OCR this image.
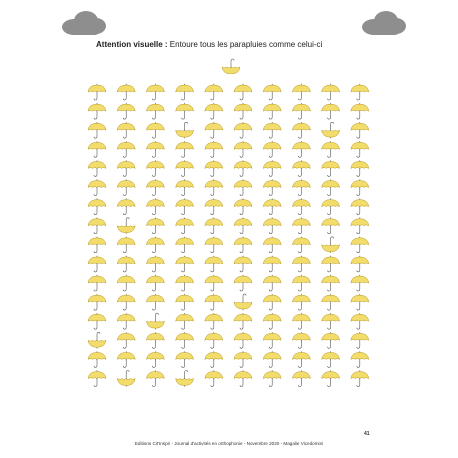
Attention visuelle : Entoure tous les parapluies comme celui-ci
Editions Cit'Inspir - Journal d'activités en orthophonie - Novembre 2020 - Magalie Vicedomini
41
